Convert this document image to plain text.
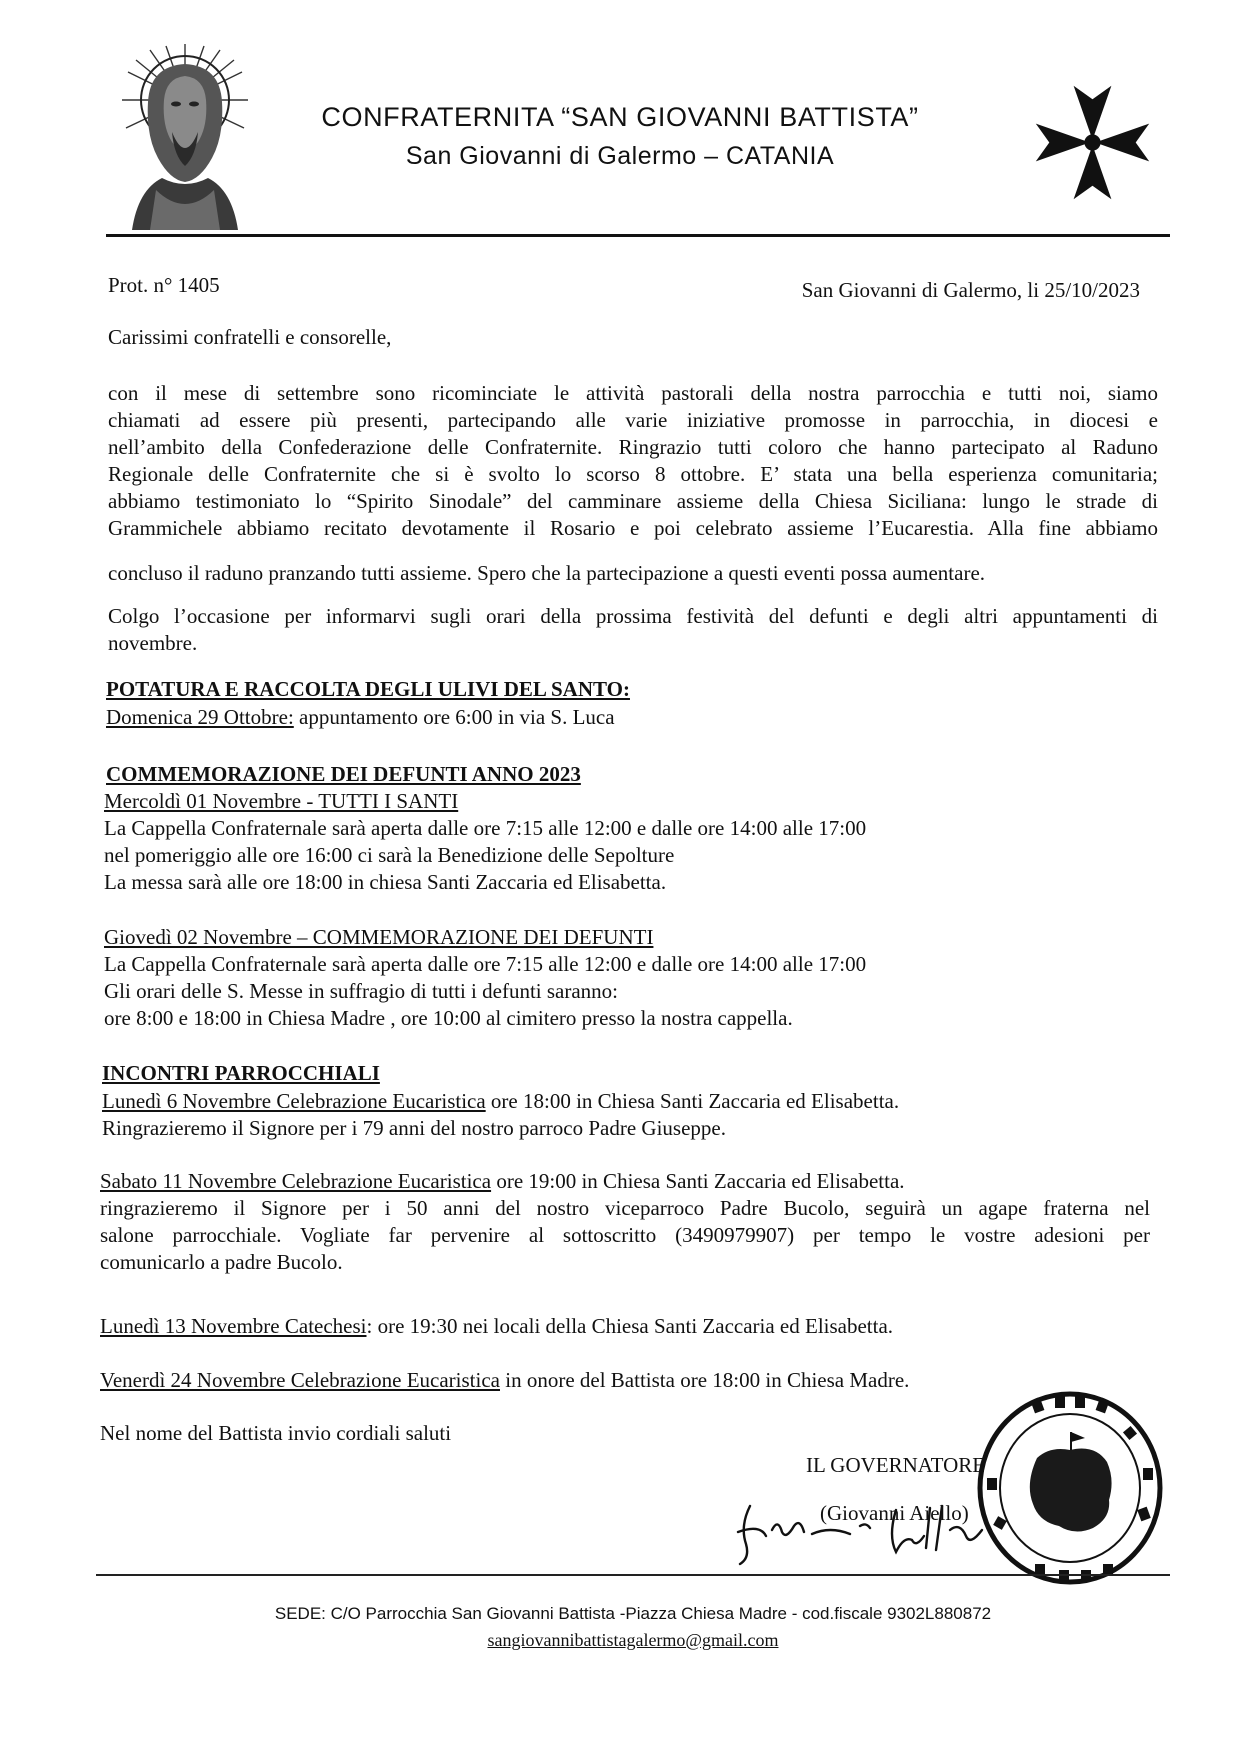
CONFRATERNITA “SAN GIOVANNI BATTISTA”
San Giovanni di Galermo – CATANIA
Prot. n° 1405	San Giovanni di Galermo, li 25/10/2023
Carissimi confratelli e consorelle,
con il mese di settembre sono ricominciate le attività pastorali della nostra parrocchia e tutti noi, siamo
chiamati ad essere più presenti, partecipando alle varie iniziative promosse in parrocchia, in diocesi e
nell’ambito della Confederazione delle Confraternite. Ringrazio tutti coloro che hanno partecipato al Raduno
Regionale delle Confraternite che si è svolto lo scorso 8 ottobre. E’ stata una bella esperienza comunitaria;
abbiamo testimoniato lo “Spirito Sinodale” del camminare assieme della Chiesa Siciliana: lungo le strade di
Grammichele abbiamo recitato devotamente il Rosario e poi celebrato assieme l’Eucarestia. Alla fine abbiamo
concluso il raduno pranzando tutti assieme. Spero che la partecipazione a questi eventi possa aumentare.
Colgo l’occasione per informarvi sugli orari della prossima festività del defunti e degli altri appuntamenti di
novembre.
POTATURA E RACCOLTA DEGLI ULIVI DEL SANTO:
Domenica 29 Ottobre: appuntamento ore 6:00 in via S. Luca
COMMEMORAZIONE DEI DEFUNTI ANNO 2023
Mercoldì 01 Novembre - TUTTI I SANTI
La Cappella Confraternale sarà aperta dalle ore 7:15 alle 12:00 e dalle ore 14:00 alle 17:00
nel pomeriggio alle ore 16:00 ci sarà la Benedizione delle Sepolture
La messa sarà alle ore 18:00 in chiesa Santi Zaccaria ed Elisabetta.
Giovedì 02 Novembre – COMMEMORAZIONE DEI DEFUNTI
La Cappella Confraternale sarà aperta dalle ore 7:15 alle 12:00 e dalle ore 14:00 alle 17:00
Gli orari delle S. Messe in suffragio di tutti i defunti saranno:
ore 8:00 e 18:00 in Chiesa Madre , ore 10:00 al cimitero presso la nostra cappella.
INCONTRI PARROCCHIALI
Lunedì 6 Novembre Celebrazione Eucaristica ore 18:00 in Chiesa Santi Zaccaria ed Elisabetta.
Ringrazieremo il Signore per i 79 anni del nostro parroco Padre Giuseppe.
Sabato 11 Novembre Celebrazione Eucaristica ore 19:00 in Chiesa Santi Zaccaria ed Elisabetta.
ringrazieremo il Signore per i 50 anni del nostro viceparroco Padre Bucolo, seguirà un agape fraterna nel
salone parrocchiale. Vogliate far pervenire al sottoscritto (3490979907) per tempo le vostre adesioni per
comunicarlo a padre Bucolo.
Lunedì 13 Novembre Catechesi: ore 19:30 nei locali della Chiesa Santi Zaccaria ed Elisabetta.
Venerdì 24 Novembre Celebrazione Eucaristica in onore del Battista ore 18:00 in Chiesa Madre.
Nel nome del Battista invio cordiali saluti
IL GOVERNATORE
(Giovanni Aiello)
SEDE: C/O Parrocchia San Giovanni Battista -Piazza Chiesa Madre - cod.fiscale 9302L880872
sangiovannibattistagalermo@gmail.com
